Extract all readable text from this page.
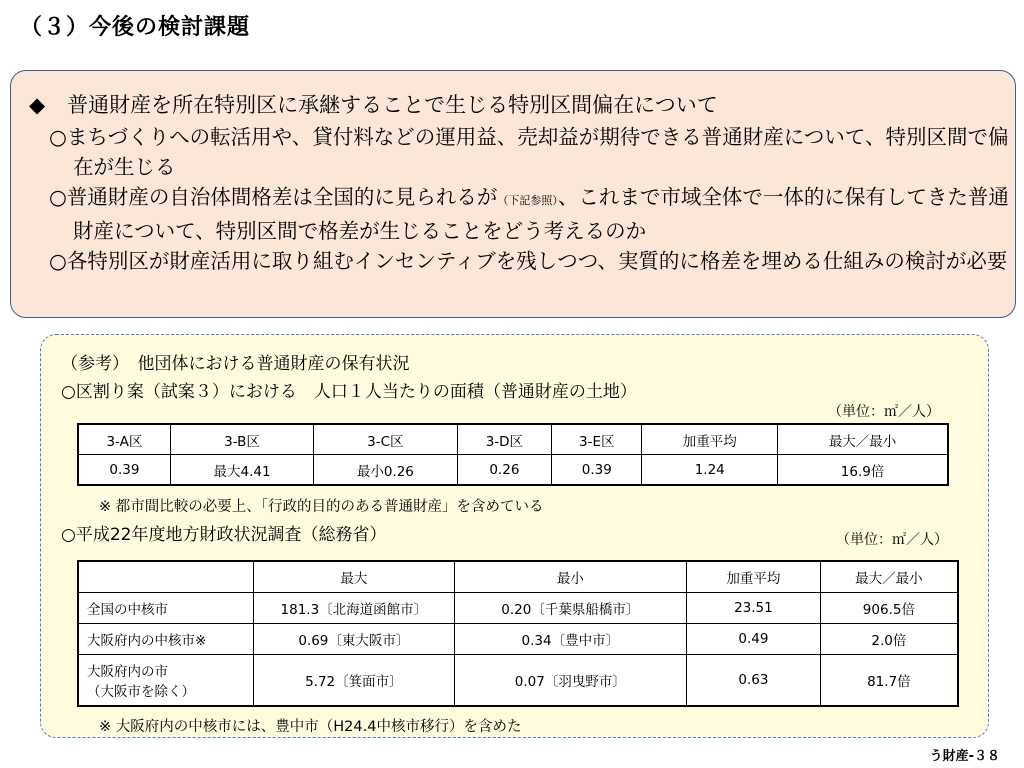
（３）今後の検討課題
◆ 普通財産を所在特別区に承継することで生じる特別区間偏在について
○まちづくりへの転活用や、貸付料などの運用益、売却益が期待できる普通財産について、特別区間で偏在が生じる
○普通財産の自治体間格差は全国的に見られるが（下記参照）、これまで市域全体で一体的に保有してきた普通財産について、特別区間で格差が生じることをどう考えるのか
○各特別区が財産活用に取り組むインセンティブを残しつつ、実質的に格差を埋める仕組みの検討が必要
（参考）　他団体における普通財産の保有状況
○区割り案（試案３）における　人口１人当たりの面積（普通財産の土地）
（単位：㎡／人）
3-A区	3-B区	3-C区	3-D区	3-E区	加重平均	最大／最小
0.39	最大4.41	最小0.26	0.26	0.39	1.24	16.9倍
※ 都市間比較の必要上、「行政的目的のある普通財産」を含めている
○平成22年度地方財政状況調査（総務省）	（単位：㎡／人）
	最大	最小	加重平均	最大／最小
全国の中核市	181.3〔北海道函館市〕	0.20〔千葉県船橋市〕	23.51	906.5倍
大阪府内の中核市※	0.69〔東大阪市〕	0.34〔豊中市〕	0.49	2.0倍

大阪府内の市
（大阪市を除く）	5.72〔箕面市〕	0.07〔羽曳野市〕	0.63	81.7倍
※ 大阪府内の中核市には、豊中市（H24.4中核市移行）を含めた
う財産-３８
